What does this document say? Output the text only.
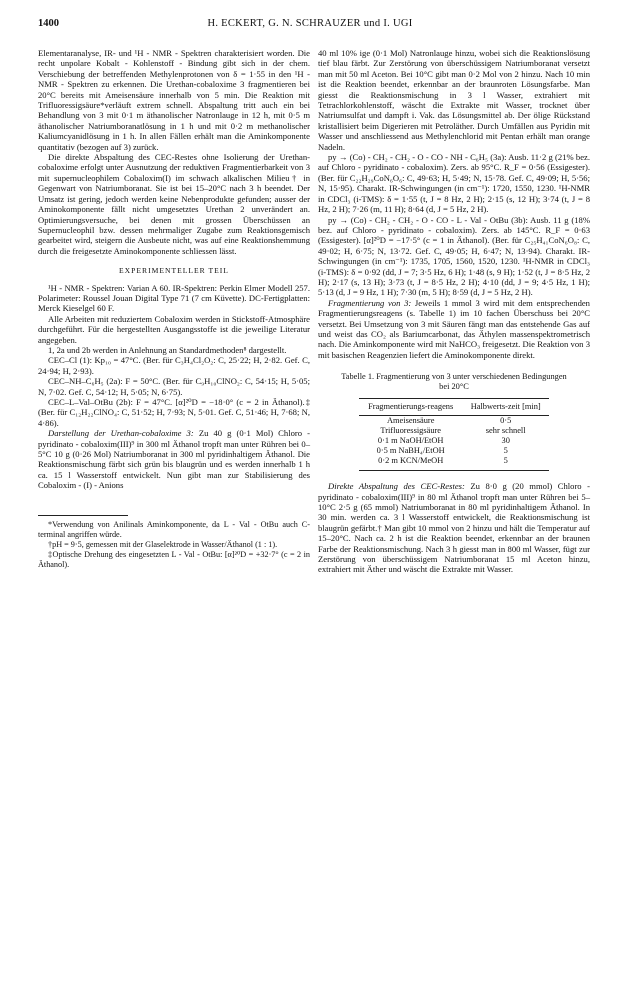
1400	H. ECKERT, G. N. SCHRAUZER und I. UGI

Elementaranalyse, IR- und ¹H - NMR - Spektren charakterisiert worden. Die recht unpolare Kobalt - Kohlenstoff - Bindung gibt sich in der chem. Verschiebung der betreffenden Methylenprotonen von δ = 1·55 in den ¹H - NMR - Spektren zu erkennen. Die Urethan-cobaloxime 3 fragmentieren bei 20°C bereits mit Ameisensäure innerhalb von 5 min. Die Reaktion mit Trifluoressigsäure*verläuft extrem schnell. Abspaltung tritt auch ein bei Behandlung von 3 mit 0·1 m äthanolischer Natronlauge in 12 h, mit 0·5 m äthanolischer Natriumboranatlösung in 1 h und mit 0·2 m methanolischer Kaliumcyanidlösung in 1 h. In allen Fällen erhält man die Aminkomponente quantitativ (bezogen auf 3) zurück.

Die direkte Abspaltung des CEC-Restes ohne Isolierung der Urethan-cobaloxime erfolgt unter Ausnutzung der reduktiven Fragmentierbarkeit von 3 mit supernucleophilem Cobaloxim(I) im schwach alkalischen Milieu† in Gegenwart von Natriumboranat. Sie ist bei 15–20°C nach 3 h beendet. Der Umsatz ist gering, jedoch werden keine Nebenprodukte gefunden; ausser der Aminokomponente fällt nicht umgesetztes Urethan 2 unverändert an. Optimierungsversuche, bei denen mit grossen Überschüssen an Supernucleophil bzw. dessen mehrmaliger Zugabe zum Reaktionsgemisch gearbeitet wird, steigern die Ausbeute nicht, was auf eine Reaktionshemmung durch die freigesetzte Aminokomponente schliessen lässt.

EXPERIMENTELLER TEIL

¹H - NMR - Spektren: Varian A 60. IR-Spektren: Perkin Elmer Modell 257. Polarimeter: Roussel Jouan Digital Type 71 (7 cm Küvette). DC-Fertigplatten: Merck Kieselgel 60 F.

Alle Arbeiten mit reduziertem Cobaloxim werden in Stickstoff-Atmosphäre durchgeführt. Für die hergestellten Ausgangsstoffe ist die jeweilige Literatur angegeben.

1, 2a und 2b werden in Anlehnung an Standardmethoden⁸ dargestellt.

CEC–Cl (1): Kp₁₀ = 47°C. (Ber. für C₃H₄Cl₂O₂: C, 25·22; H, 2·82. Gef. C, 24·94; H, 2·93).

CEC–NH–C₆H₅ (2a): F = 50°C. (Ber. für C₉H₁₀ClNO₂: C, 54·15; H, 5·05; N, 7·02. Gef. C, 54·12; H, 5·05; N, 6·75).

CEC–L–Val–OtBu (2b): F = 47°C. [α]²⁰D = −18·0° (c = 2 in Äthanol).‡ (Ber. für C₁₂H₂₂ClNO₄: C, 51·52; H, 7·93; N, 5·01. Gef. C, 51·46; H, 7·68; N, 4·86).

Darstellung der Urethan-cobaloxime 3: Zu 40 g (0·1 Mol) Chloro - pyridinato - cobaloxim(III)⁹ in 300 ml Äthanol tropft man unter Rühren bei 0–5°C 10 g (0·26 Mol) Natriumboranat in 300 ml pyridinhaltigem Äthanol. Die Reaktionsmischung färbt sich grün bis blaugrün und es werden innerhalb 1 h ca. 15 l Wasserstoff entwickelt. Nun gibt man zur Stabilisierung des Cobaloxim - (I) - Anions

*Verwendung von Anilinals Aminkomponente, da L - Val - OtBu auch C-terminal angriffen würde.

†pH = 9·5, gemessen mit der Glaselektrode in Wasser/Äthanol (1 : 1).

‡Optische Drehung des eingesetzten L - Val - OtBu: [α]²⁰D = +32·7° (c = 2 in Äthanol).

40 ml 10% ige (0·1 Mol) Natronlauge hinzu, wobei sich die Reaktionslösung tief blau färbt. Zur Zerstörung von überschüssigem Natriumboranat versetzt man mit 50 ml Aceton. Bei 10°C gibt man 0·2 Mol von 2 hinzu. Nach 10 min ist die Reaktion beendet, erkennbar an der braunroten Lösungsfarbe. Man giesst die Reaktionsmischung in 3 l Wasser, extrahiert mit Tetrachlorkohlenstoff, wäscht die Extrakte mit Wasser, trocknet über Natriumsulfat und dampft i. Vak. das Lösungsmittel ab. Der ölige Rückstand kristallisiert beim Digerieren mit Petroläther. Durch Umfällen aus Pyridin mit Wasser und anschliessend aus Methylenchlorid mit Pentan erhält man orange Nadeln.

py → (Co) - CH₂ - CH₂ - O - CO - NH - C₆H₅ (3a): Ausb. 11·2 g (21% bez. auf Chloro - pyridinato - cobaloxim). Zers. ab 95°C. R_F = 0·56 (Essigester). (Ber. für C₂₂H₂₉CoN₆O₆: C, 49·63; H, 5·49; N, 15·78. Gef. C, 49·09; H, 5·56; N, 15·95). Charakt. IR-Schwingungen (in cm⁻¹): 1720, 1550, 1230. ¹H-NMR in CDCl₃ (i-TMS): δ = 1·55 (t, J = 8 Hz, 2 H); 2·15 (s, 12 H); 3·74 (t, J = 8 Hz, 2 H); 7·26 (m, 11 H); 8·64 (d, J = 5 Hz, 2 H).

py → (Co) - CH₂ - CH₂ - O - CO - L - Val - OtBu (3b): Ausb. 11 g (18% bez. auf Chloro - pyridinato - cobaloxim). Zers. ab 145°C. R_F = 0·63 (Essigester). [α]²⁰D = −17·5° (c = 1 in Äthanol). (Ber. für C₂₅H₄₁CoN₆O₈: C, 49·02; H, 6·75; N, 13·72. Gef. C, 49·05; H, 6·47; N, 13·94). Charakt. IR-Schwingungen (in cm⁻¹): 1735, 1705, 1560, 1520, 1230. ¹H-NMR in CDCl₃ (i-TMS): δ = 0·92 (dd, J = 7; 3·5 Hz, 6 H); 1·48 (s, 9 H); 1·52 (t, J = 8·5 Hz, 2 H); 2·17 (s, 13 H); 3·73 (t, J = 8·5 Hz, 2 H); 4·10 (dd, J = 9; 4·5 Hz, 1 H); 5·13 (d, J = 9 Hz, 1 H); 7·30 (m, 5 H); 8·59 (d, J = 5 Hz, 2 H).

Fragmentierung von 3: Jeweils 1 mmol 3 wird mit dem entsprechenden Fragmentierungsreagens (s. Tabelle 1) im 10 fachen Überschuss bei 20°C versetzt. Bei Umsetzung von 3 mit Säuren fängt man das entstehende Gas auf und weist das CO₂ als Bariumcarbonat, das Äthylen massenspektrometrisch nach. Die Aminkomponente wird mit NaHCO₃ freigesetzt. Die Reaktion von 3 mit basischen Reagenzien liefert die Aminokomponente direkt.

Tabelle 1. Fragmentierung von 3 unter verschiedenen Bedingungen bei 20°C
Fragmentierungs-reagens	Halbwerts-zeit [min]
Ameisensäure	0·5
Trifluoressigsäure	sehr schnell
0·1 m NaOH/EtOH	30
0·5 m NaBH₄/EtOH	5
0·2 m KCN/MeOH	5

Direkte Abspaltung des CEC-Restes: Zu 8·0 g (20 mmol) Chloro - pyridinato - cobaloxim(III)⁹ in 80 ml Äthanol tropft man unter Rühren bei 5–10°C 2·5 g (65 mmol) Natriumboranat in 80 ml pyridinhaltigem Äthanol. In 30 min. werden ca. 3 l Wasserstoff entwickelt, die Reaktionsmischung ist blaugrün gefärbt.† Man gibt 10 mmol von 2 hinzu und hält die Temperatur auf 15–20°C. Nach ca. 2 h ist die Reaktion beendet, erkennbar an der braunen Farbe der Reaktionsmischung. Nach 3 h giesst man in 800 ml Wasser, fügt zur Zerstörung von überschüssigem Natriumboranat 15 ml Aceton hinzu, extrahiert mit Äther und wäscht die Extrakte mit Wasser.
